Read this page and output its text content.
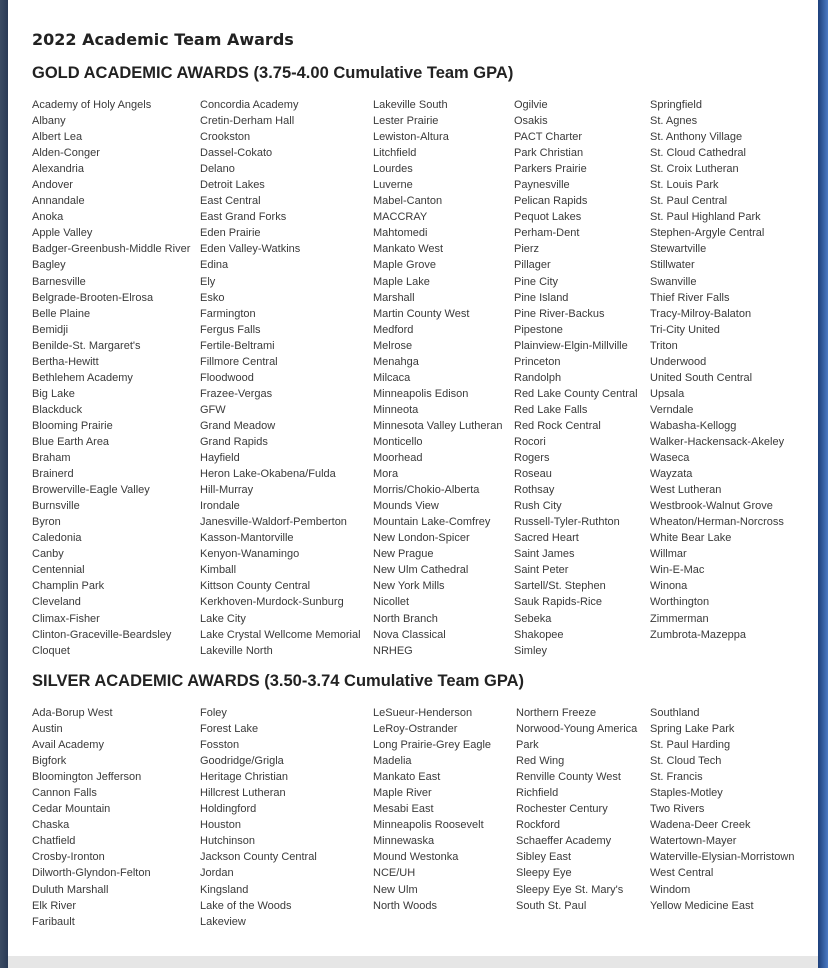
2022 Academic Team Awards
GOLD ACADEMIC AWARDS (3.75-4.00 Cumulative Team GPA)
Academy of Holy Angels
Albany
Albert Lea
Alden-Conger
Alexandria
Andover
Annandale
Anoka
Apple Valley
Badger-Greenbush-Middle River
Bagley
Barnesville
Belgrade-Brooten-Elrosa
Belle Plaine
Bemidji
Benilde-St. Margaret's
Bertha-Hewitt
Bethlehem Academy
Big Lake
Blackduck
Blooming Prairie
Blue Earth Area
Braham
Brainerd
Browerville-Eagle Valley
Burnsville
Byron
Caledonia
Canby
Centennial
Champlin Park
Cleveland
Climax-Fisher
Clinton-Graceville-Beardsley
Cloquet
Concordia Academy
Cretin-Derham Hall
Crookston
Dassel-Cokato
Delano
Detroit Lakes
East Central
East Grand Forks
Eden Prairie
Eden Valley-Watkins
Edina
Ely
Esko
Farmington
Fergus Falls
Fertile-Beltrami
Fillmore Central
Floodwood
Frazee-Vergas
GFW
Grand Meadow
Grand Rapids
Hayfield
Heron Lake-Okabena/Fulda
Hill-Murray
Irondale
Janesville-Waldorf-Pemberton
Kasson-Mantorville
Kenyon-Wanamingo
Kimball
Kittson County Central
Kerkhoven-Murdock-Sunburg
Lake City
Lake Crystal Wellcome Memorial
Lakeville North
Lakeville South
Lester Prairie
Lewiston-Altura
Litchfield
Lourdes
Luverne
Mabel-Canton
MACCRAY
Mahtomedi
Mankato West
Maple Grove
Maple Lake
Marshall
Martin County West
Medford
Melrose
Menahga
Milcaca
Minneapolis Edison
Minneota
Minnesota Valley Lutheran
Monticello
Moorhead
Mora
Morris/Chokio-Alberta
Mounds View
Mountain Lake-Comfrey
New London-Spicer
New Prague
New Ulm Cathedral
New York Mills
Nicollet
North Branch
Nova Classical
NRHEG
Ogilvie
Osakis
PACT Charter
Park Christian
Parkers Prairie
Paynesville
Pelican Rapids
Pequot Lakes
Perham-Dent
Pierz
Pillager
Pine City
Pine Island
Pine River-Backus
Pipestone
Plainview-Elgin-Millville
Princeton
Randolph
Red Lake County Central
Red Lake Falls
Red Rock Central
Rocori
Rogers
Roseau
Rothsay
Rush City
Russell-Tyler-Ruthton
Sacred Heart
Saint James
Saint Peter
Sartell/St. Stephen
Sauk Rapids-Rice
Sebeka
Shakopee
Simley
Springfield
St. Agnes
St. Anthony Village
St. Cloud Cathedral
St. Croix Lutheran
St. Louis Park
St. Paul Central
St. Paul Highland Park
Stephen-Argyle Central
Stewartville
Stillwater
Swanville
Thief River Falls
Tracy-Milroy-Balaton
Tri-City United
Triton
Underwood
United South Central
Upsala
Verndale
Wabasha-Kellogg
Walker-Hackensack-Akeley
Waseca
Wayzata
West Lutheran
Westbrook-Walnut Grove
Wheaton/Herman-Norcross
White Bear Lake
Willmar
Win-E-Mac
Winona
Worthington
Zimmerman
Zumbrota-Mazeppa
SILVER ACADEMIC AWARDS (3.50-3.74 Cumulative Team GPA)
Ada-Borup West
Austin
Avail Academy
Bigfork
Bloomington Jefferson
Cannon Falls
Cedar Mountain
Chaska
Chatfield
Crosby-Ironton
Dilworth-Glyndon-Felton
Duluth Marshall
Elk River
Faribault
Foley
Forest Lake
Fosston
Goodridge/Grigla
Heritage Christian
Hillcrest Lutheran
Holdingford
Houston
Hutchinson
Jackson County Central
Jordan
Kingsland
Lake of the Woods
Lakeview
LeSueur-Henderson
LeRoy-Ostrander
Long Prairie-Grey Eagle
Madelia
Mankato East
Maple River
Mesabi East
Minneapolis Roosevelt
Minnewaska
Mound Westonka
NCE/UH
New Ulm
North Woods
Northern Freeze
Norwood-Young America
Park
Red Wing
Renville County West
Richfield
Rochester Century
Rockford
Schaeffer Academy
Sibley East
Sleepy Eye
Sleepy Eye St. Mary's
South St. Paul
Southland
Spring Lake Park
St. Paul Harding
St. Cloud Tech
St. Francis
Staples-Motley
Two Rivers
Wadena-Deer Creek
Watertown-Mayer
Waterville-Elysian-Morristown
West Central
Windom
Yellow Medicine East
